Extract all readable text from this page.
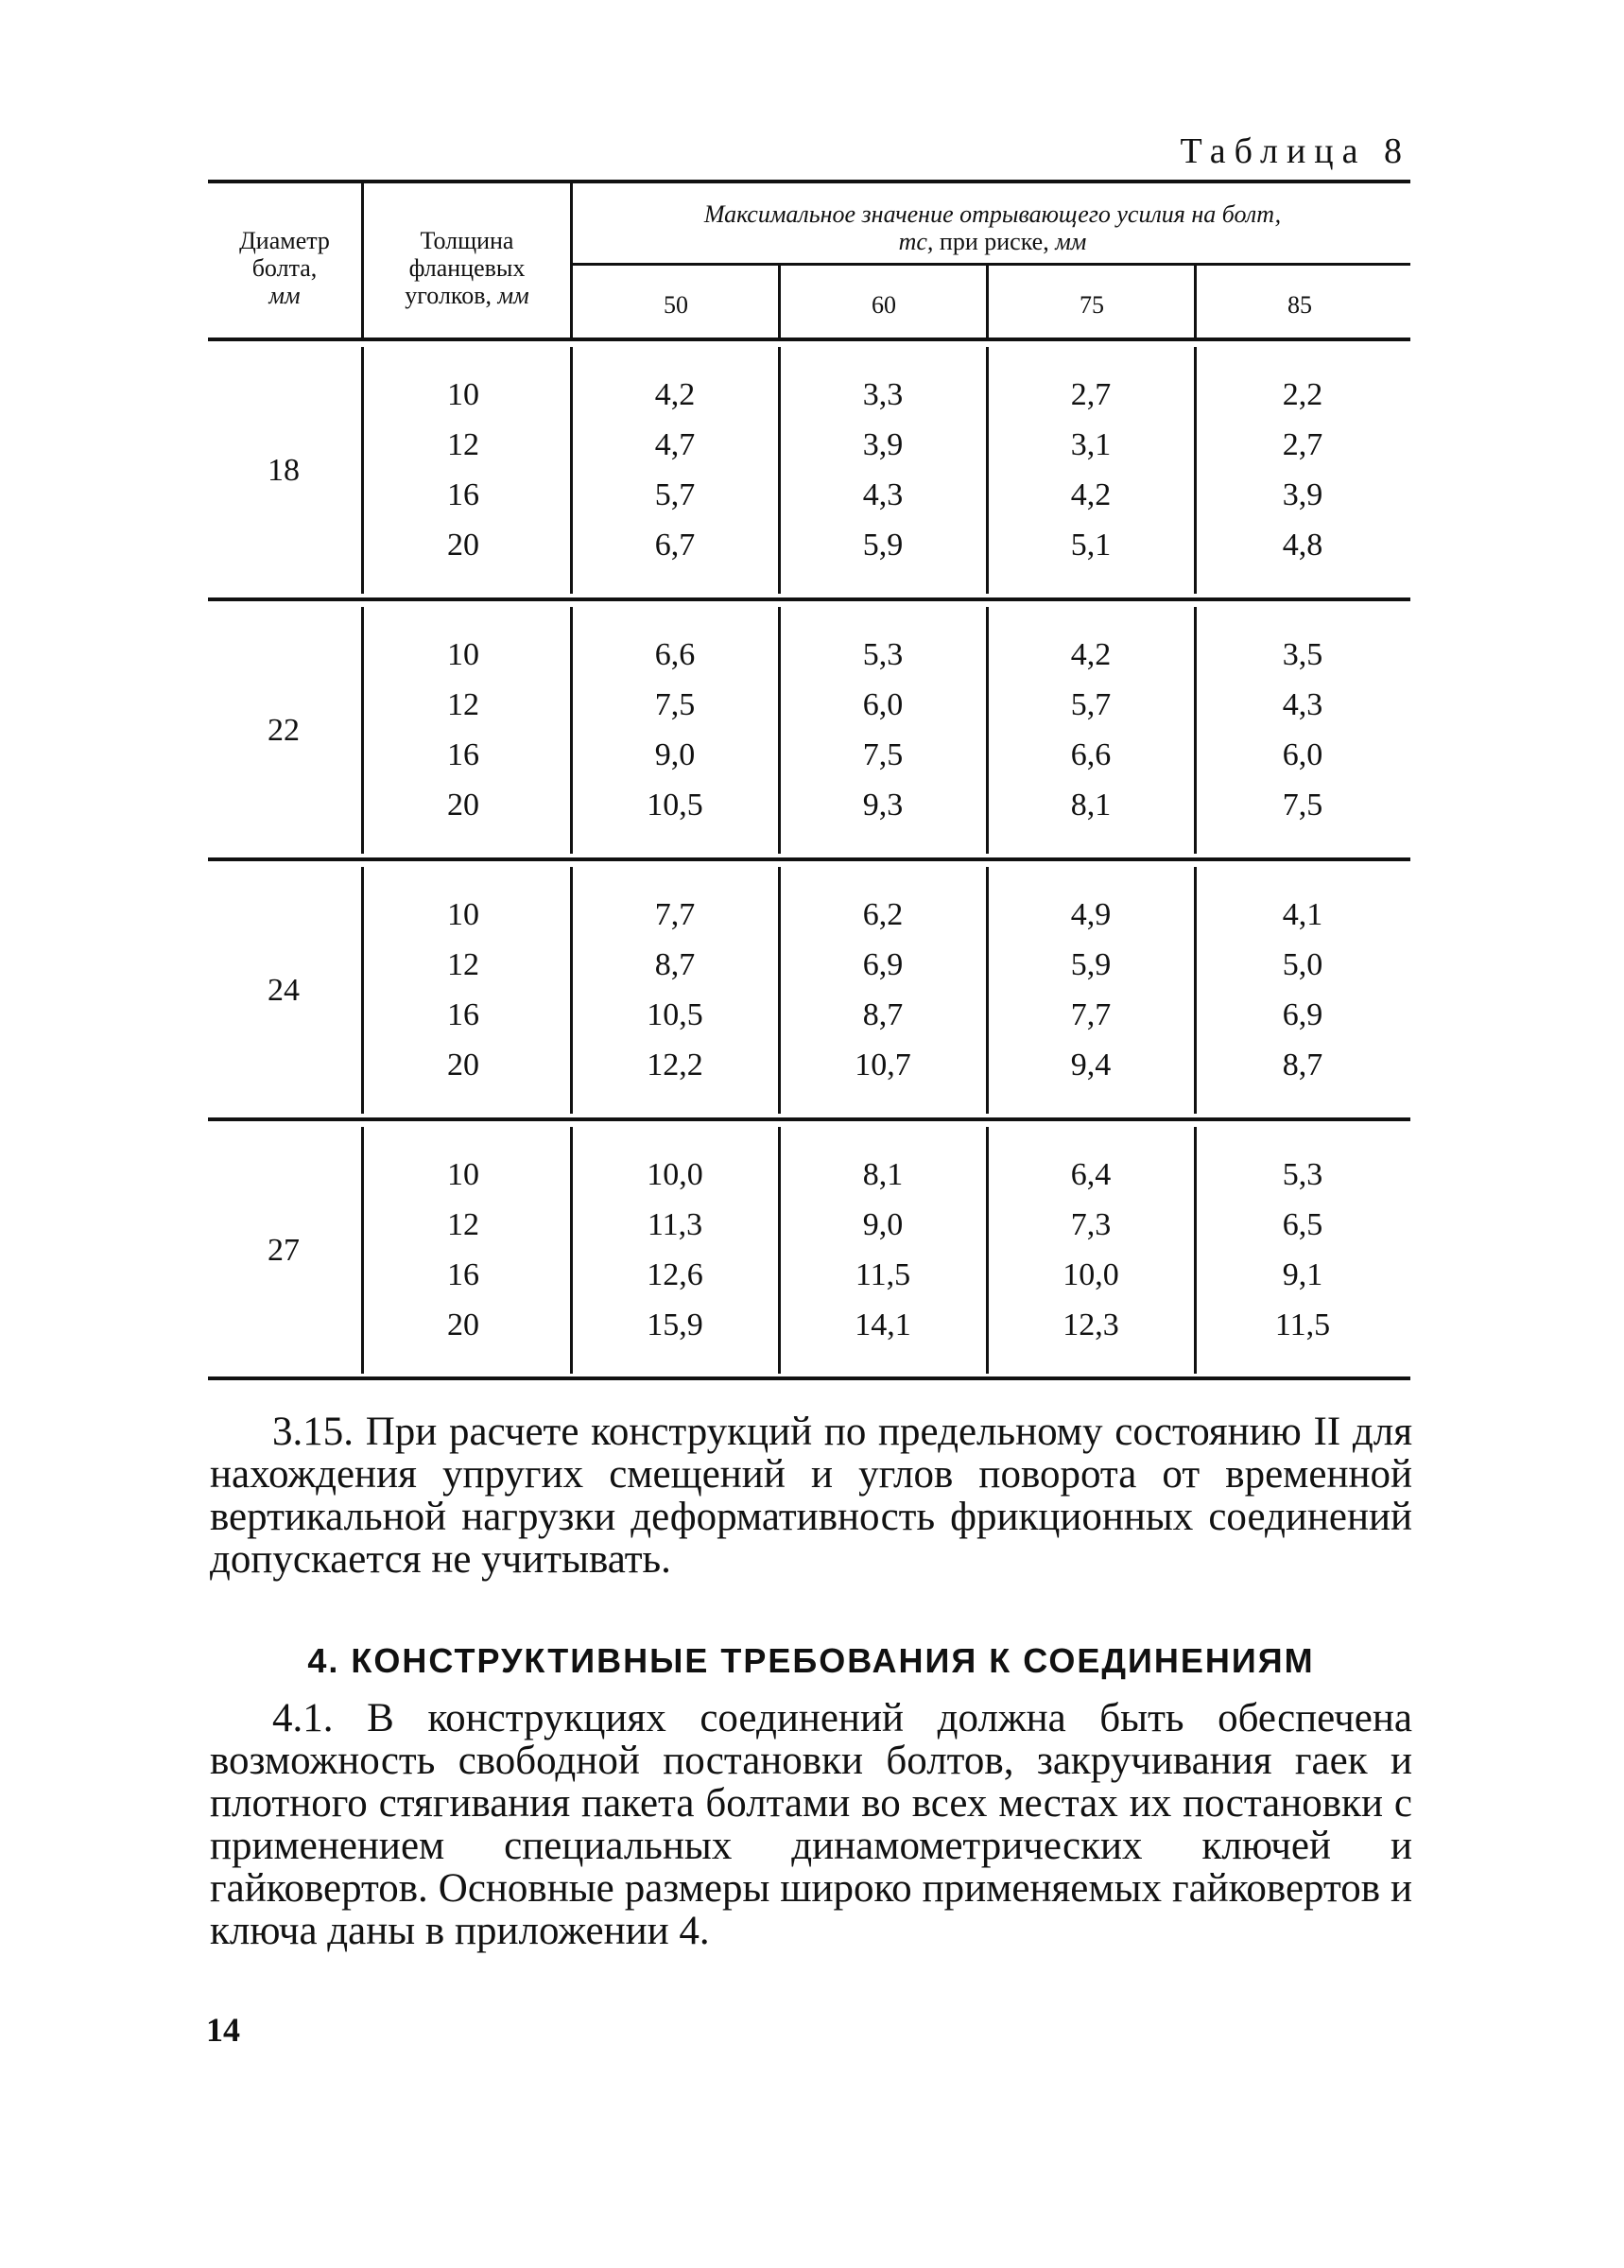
Таблица 8
Диаметр
болта,
мм
Толщина
фланцевых
уголков, мм
Максимальное значение отрывающего усилия на болт,
тс, при риске, мм
50	60	75	85
18
10	4,2	3,3	2,7	2,2
12	4,7	3,9	3,1	2,7
16	5,7	4,3	4,2	3,9
20	6,7	5,9	5,1	4,8
22
10	6,6	5,3	4,2	3,5
12	7,5	6,0	5,7	4,3
16	9,0	7,5	6,6	6,0
20	10,5	9,3	8,1	7,5
24
10	7,7	6,2	4,9	4,1
12	8,7	6,9	5,9	5,0
16	10,5	8,7	7,7	6,9
20	12,2	10,7	9,4	8,7
27
10	10,0	8,1	6,4	5,3
12	11,3	9,0	7,3	6,5
16	12,6	11,5	10,0	9,1
20	15,9	14,1	12,3	11,5
3.15. При расчете конструкций по предельному состоянию II для нахождения упругих смещений и углов поворота от временной вертикальной нагрузки деформативность фрикционных соединений допускается не учитывать.
4. КОНСТРУКТИВНЫЕ ТРЕБОВАНИЯ К СОЕДИНЕНИЯМ
4.1. В конструкциях соединений должна быть обеспечена возможность свободной постановки болтов, закручивания гаек и плотного стягивания пакета болтами во всех местах их постановки с применением специальных динамометрических ключей и гайковертов. Основные размеры широко применяемых гайковертов и ключа даны в приложении 4.
14
